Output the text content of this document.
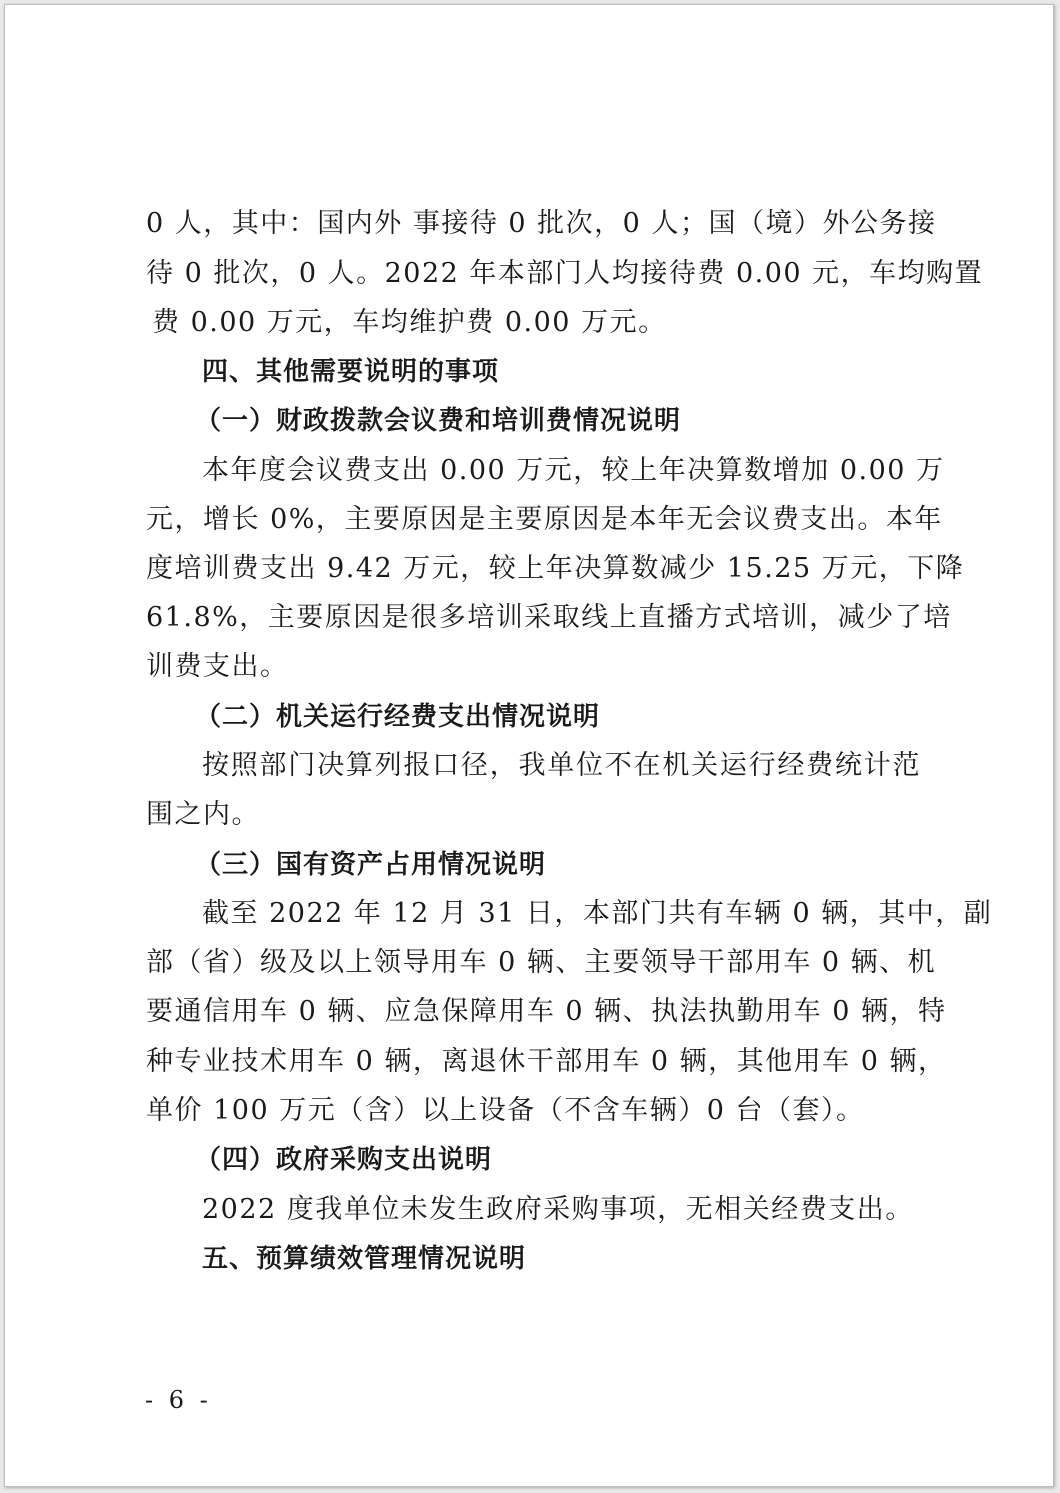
0 人，其中：国内外 事接待 0 批次，0 人；国（境）外公务接
待 0 批次，0 人。2022 年本部门人均接待费 0.00 元，车均购置
费 0.00 万元，车均维护费 0.00 万元。
四、其他需要说明的事项
（一）财政拨款会议费和培训费情况说明
本年度会议费支出 0.00 万元，较上年决算数增加 0.00 万
元，增长 0%，主要原因是主要原因是本年无会议费支出。本年
度培训费支出 9.42 万元，较上年决算数减少 15.25 万元，下降
61.8%，主要原因是很多培训采取线上直播方式培训，减少了培
训费支出。
（二）机关运行经费支出情况说明
按照部门决算列报口径，我单位不在机关运行经费统计范
围之内。
（三）国有资产占用情况说明
截至 2022 年 12 月 31 日，本部门共有车辆 0 辆，其中，副
部（省）级及以上领导用车 0 辆、主要领导干部用车 0 辆、机
要通信用车 0 辆、应急保障用车 0 辆、执法执勤用车 0 辆，特
种专业技术用车 0 辆，离退休干部用车 0 辆，其他用车 0 辆，
单价 100 万元（含）以上设备（不含车辆）0 台（套）。
（四）政府采购支出说明
2022 度我单位未发生政府采购事项，无相关经费支出。
五、预算绩效管理情况说明
- 6 -
